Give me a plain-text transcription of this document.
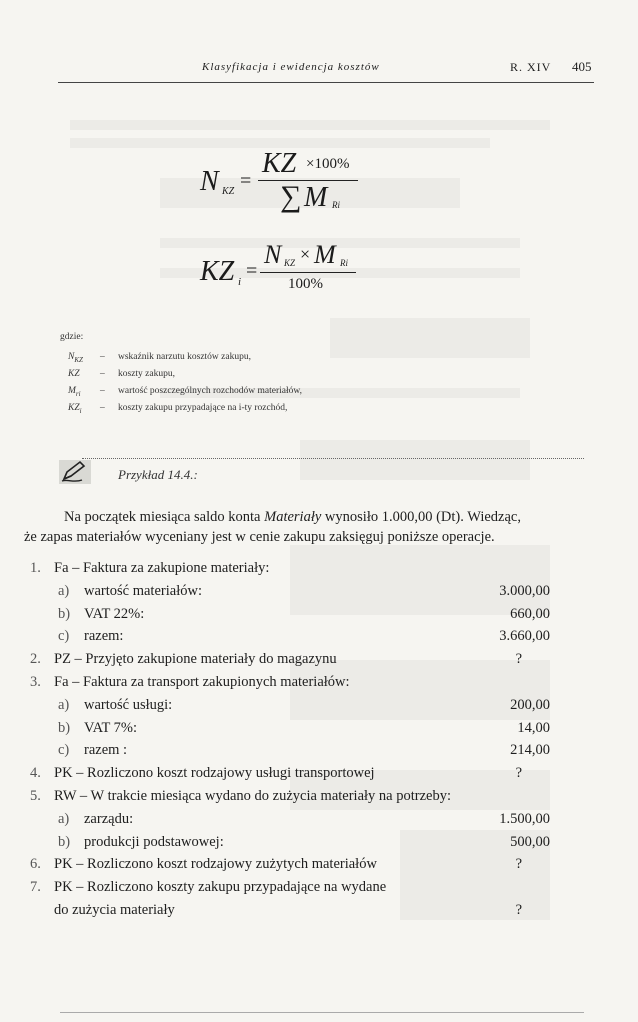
Klasyfikacja i ewidencja kosztów	R. XIV 405
N KZ =
KZ ×100%
∑ M Ri
KZ i =
N KZ × M Ri
100%
gdzie:
$N_{KZ}$ – wskaźnik narzutu kosztów zakupu,
KZ – koszty zakupu,
$M_{ri}$ – wartość poszczególnych rozchodów materiałów,
$KZ_i$ – koszty zakupu przypadające na i-ty rozchód,
Przykład 14.4.:
Na początek miesiąca saldo konta Materiały wynosiło 1.000,00 (Dt). Wiedząc,
że zapas materiałów wyceniany jest w cenie zakupu zaksięguj poniższe operacje.
1. Fa – Faktura za zakupione materiały:
a) wartość materiałów:	3.000,00
b) VAT 22%:	660,00
c) razem:	3.660,00
2. PZ – Przyjęto zakupione materiały do magazynu	?
3. Fa – Faktura za transport zakupionych materiałów:
a) wartość usługi:	200,00
b) VAT 7%:	14,00
c) razem :	214,00
4. PK – Rozliczono koszt rodzajowy usługi transportowej	?
5. RW – W trakcie miesiąca wydano do zużycia materiały na potrzeby:
a) zarządu:	1.500,00
b) produkcji podstawowej:	500,00
6. PK – Rozliczono koszt rodzajowy zużytych materiałów	?
7. PK – Rozliczono koszty zakupu przypadające na wydane
do zużycia materiały	?
